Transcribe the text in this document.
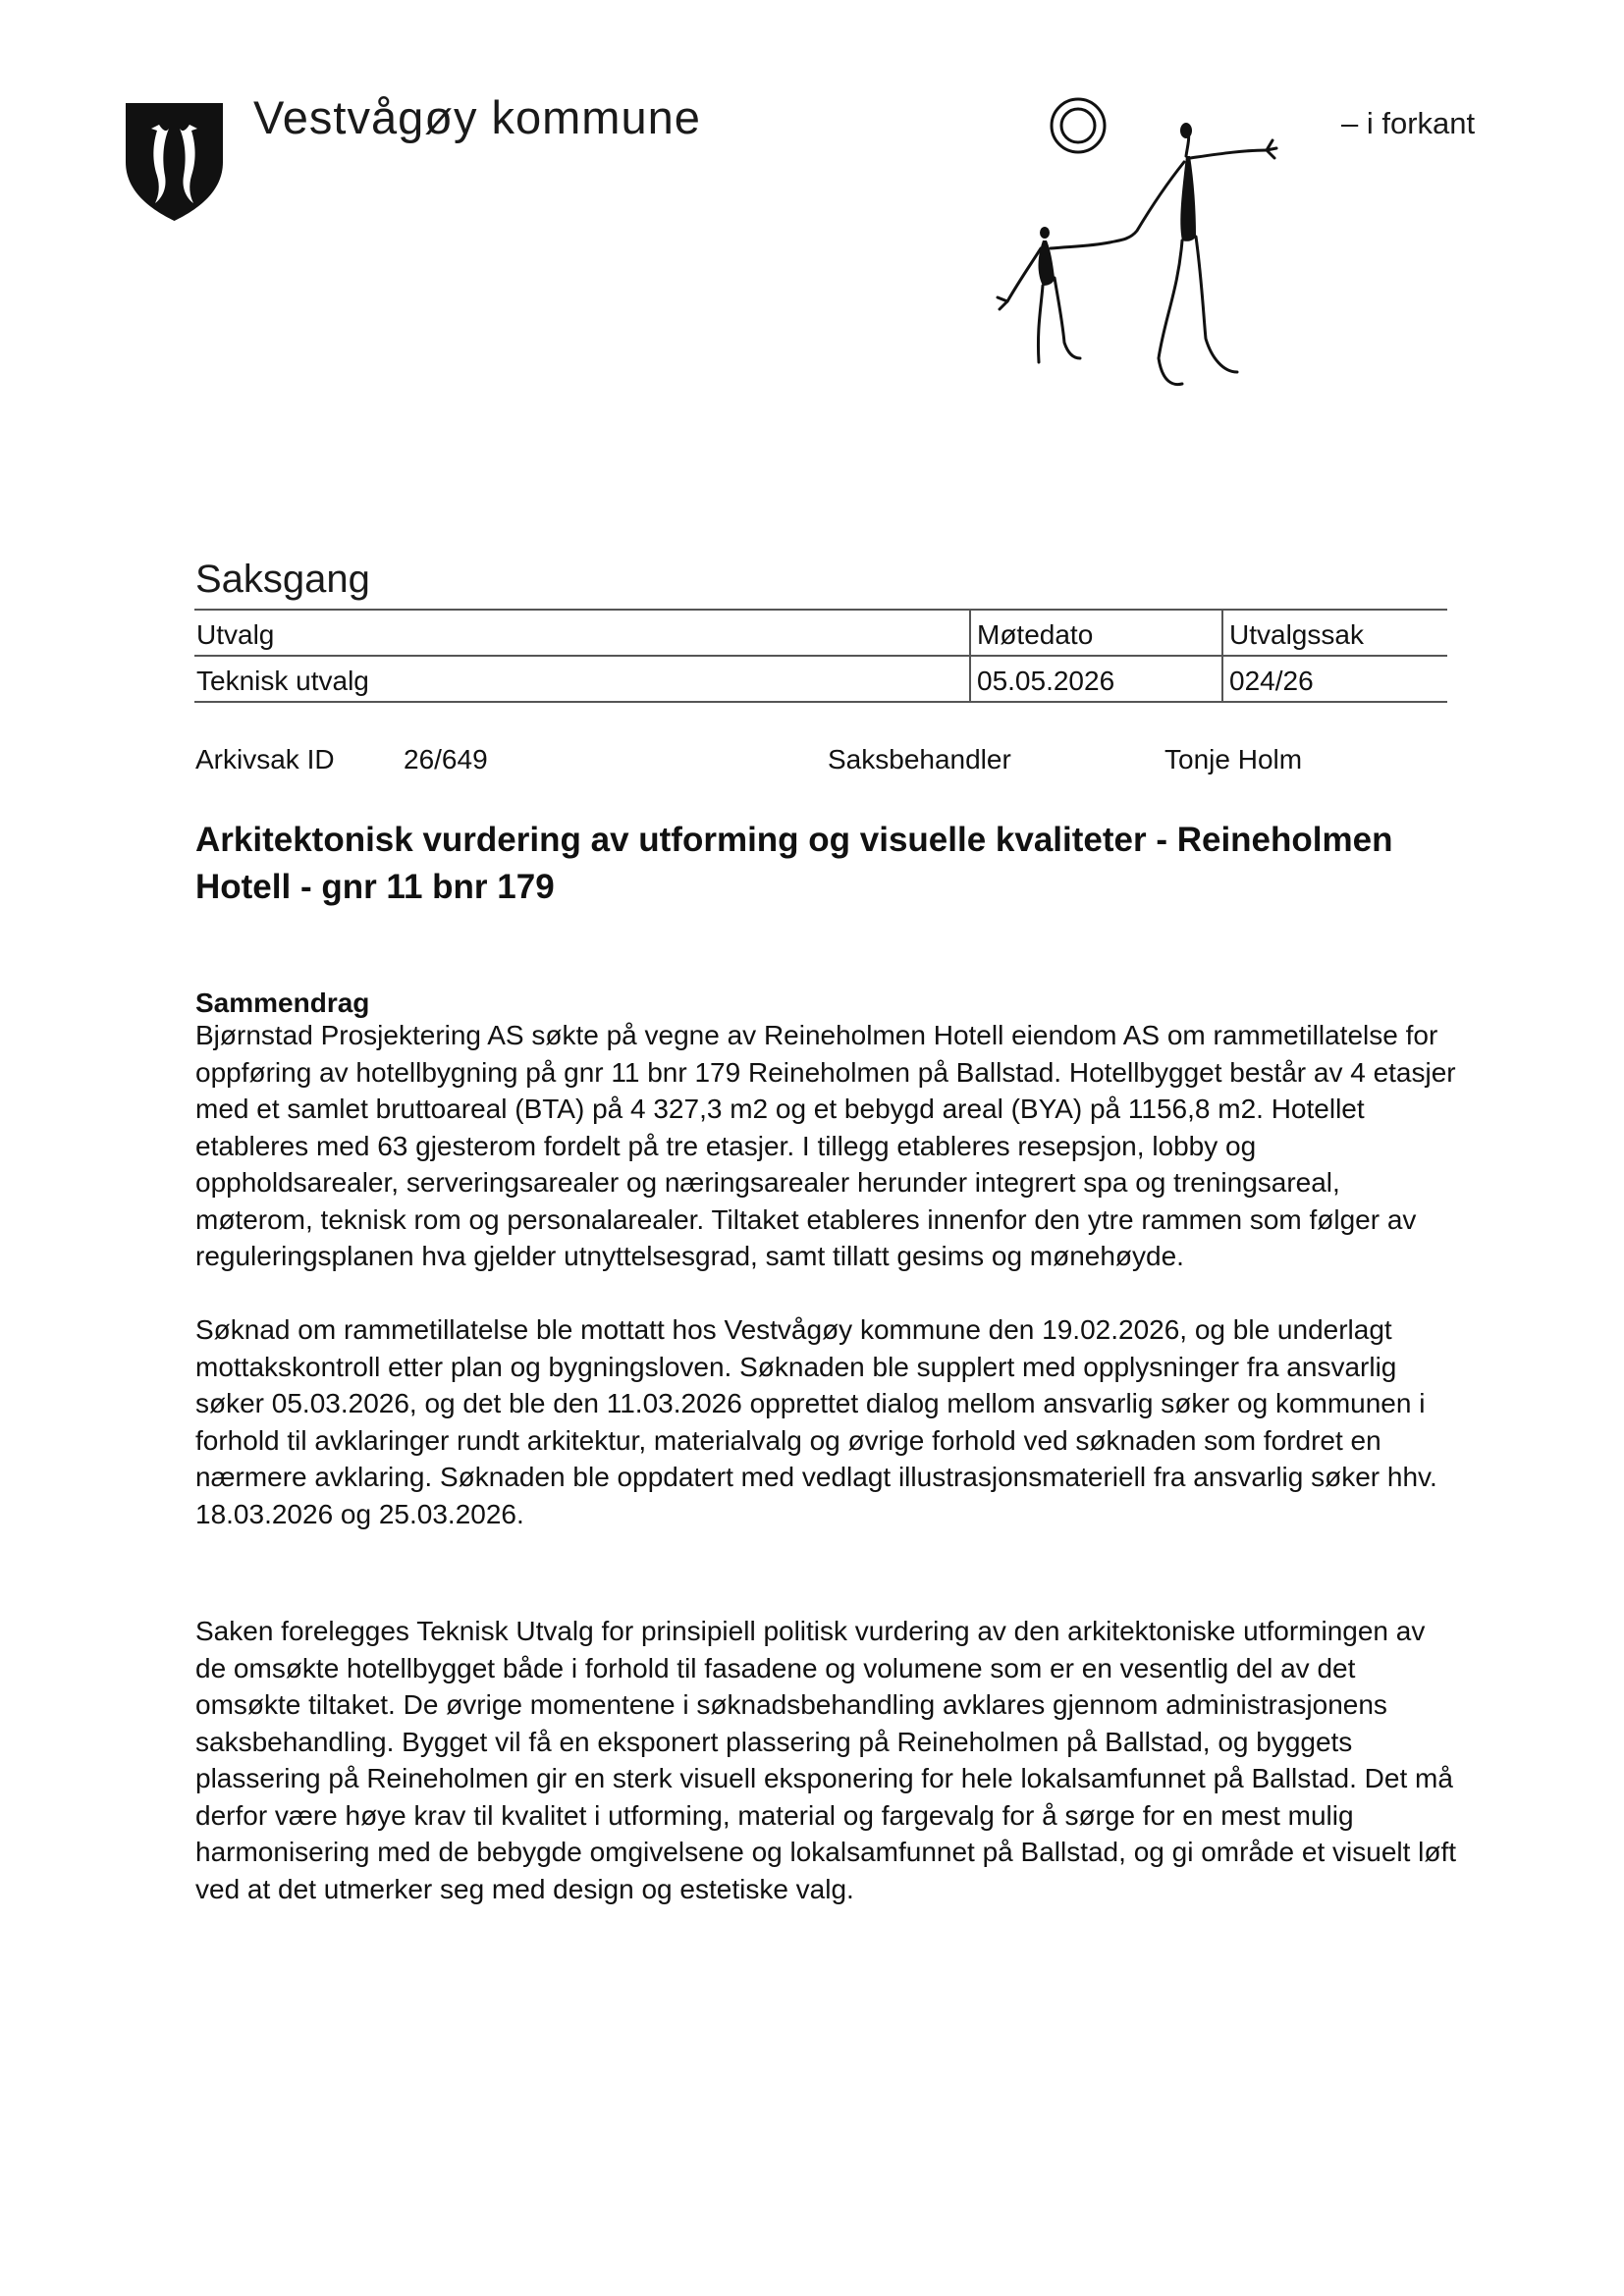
Vestvågøy kommune	– i forkant
Saksgang
Utvalg	Møtedato	Utvalgssak
Teknisk utvalg	05.05.2026	024/26
Arkivsak ID	26/649	Saksbehandler	Tonje Holm
Arkitektonisk vurdering av utforming og visuelle kvaliteter - Reineholmen Hotell - gnr 11 bnr 179
Sammendrag

Bjørnstad Prosjektering AS søkte på vegne av Reineholmen Hotell eiendom AS om rammetillatelse for oppføring av hotellbygning på gnr 11 bnr 179 Reineholmen på Ballstad. Hotellbygget består av 4 etasjer med et samlet bruttoareal (BTA) på 4 327,3 m2 og et bebygd areal (BYA) på 1156,8 m2. Hotellet etableres med 63 gjesterom fordelt på tre etasjer. I tillegg etableres resepsjon, lobby og oppholdsarealer, serveringsarealer og næringsarealer herunder integrert spa og treningsareal, møterom, teknisk rom og personalarealer. Tiltaket etableres innenfor den ytre rammen som følger av reguleringsplanen hva gjelder utnyttelsesgrad, samt tillatt gesims og mønehøyde.

Søknad om rammetillatelse ble mottatt hos Vestvågøy kommune den 19.02.2026, og ble underlagt mottakskontroll etter plan og bygningsloven. Søknaden ble supplert med opplysninger fra ansvarlig søker 05.03.2026, og det ble den 11.03.2026 opprettet dialog mellom ansvarlig søker og kommunen i forhold til avklaringer rundt arkitektur, materialvalg og øvrige forhold ved søknaden som fordret en nærmere avklaring. Søknaden ble oppdatert med vedlagt illustrasjonsmateriell fra ansvarlig søker hhv. 18.03.2026 og 25.03.2026.

Saken forelegges Teknisk Utvalg for prinsipiell politisk vurdering av den arkitektoniske utformingen av de omsøkte hotellbygget både i forhold til fasadene og volumene som er en vesentlig del av det omsøkte tiltaket. De øvrige momentene i søknadsbehandling avklares gjennom administrasjonens saksbehandling. Bygget vil få en eksponert plassering på Reineholmen på Ballstad, og byggets plassering på Reineholmen gir en sterk visuell eksponering for hele lokalsamfunnet på Ballstad. Det må derfor være høye krav til kvalitet i utforming, material og fargevalg for å sørge for en mest mulig harmonisering med de bebygde omgivelsene og lokalsamfunnet på Ballstad, og gi område et visuelt løft ved at det utmerker seg med design og estetiske valg.
